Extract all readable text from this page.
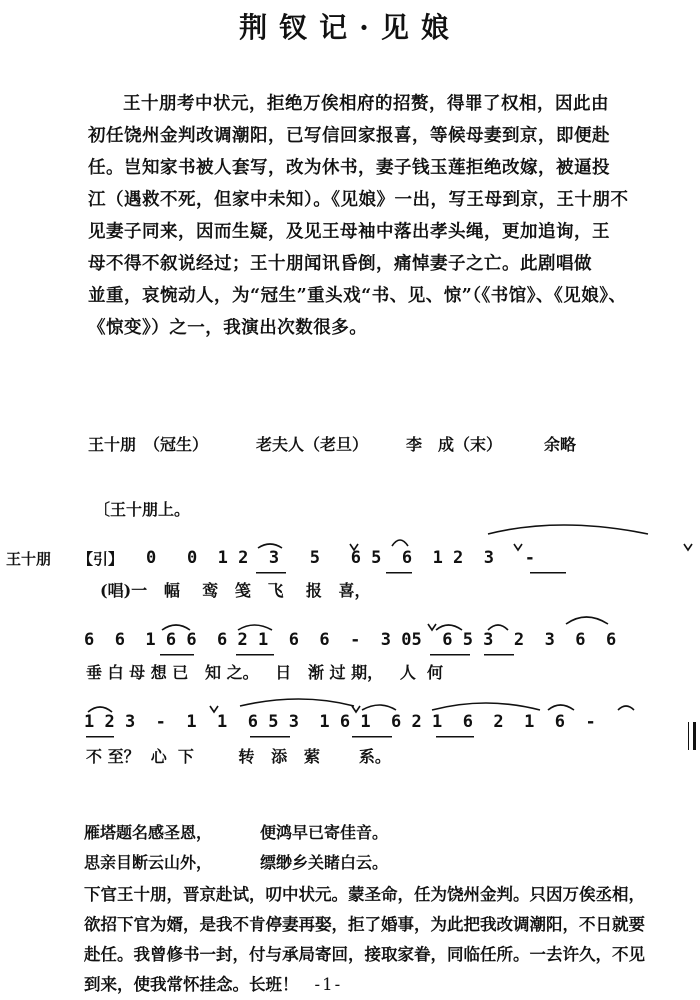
荆钗记·见娘
王十朋考中状元，拒绝万俟相府的招赘，得罪了权相，因此由
初任饶州金判改调潮阳，已写信回家报喜，等候母妻到京，即便赴
任。岂知家书被人套写，改为休书，妻子钱玉莲拒绝改嫁，被逼投
江（遇救不死，但家中未知）。《见娘》一出，写王母到京，王十朋不
见妻子同来，因而生疑，及见王母袖中落出孝头绳，更加追询，王
母不得不叙说经过；王十朋闻讯昏倒，痛悼妻子之亡。此剧唱做
並重，哀惋动人，为“冠生”重头戏“书、见、惊”（《书馆》、《见娘》、
《惊变》）之一，我演出次数很多。
王十朋　（冠生）	老夫人（老旦） 李　成（末）	余略
〔王十朋上。
王十朋 【引】 0   0  1 2  3   5   6 5  6  1 2  3   -
(唱)一   幅    鸾   笺   飞    报   喜，
6  6  1 6 6  6 2 1  6  6  -  3 05  6 5 3  2  3  6  6
垂 白 母 想 已   知 之。   日   渐 过 期，   人  何
1 2 3  -  1  1  6 5 3  1 6 1  6 2 1  6  2  1  6  -
不 至？  心  下        转   添   萦       系。
雁塔题名感圣恩，	便鸿早已寄佳音。
思亲目断云山外，	缥缈乡关睹白云。
下官王十朋，晋京赴试，叨中状元。蒙圣命，任为饶州金判。只因万俟丞相，
欲招下官为婿，是我不肯停妻再娶，拒了婚事，为此把我改调潮阳，不日就要
赴任。我曾修书一封，付与承局寄回，接取家眷，同临任所。一去许久，不见
到来，使我常怀挂念。长班！ -1-
